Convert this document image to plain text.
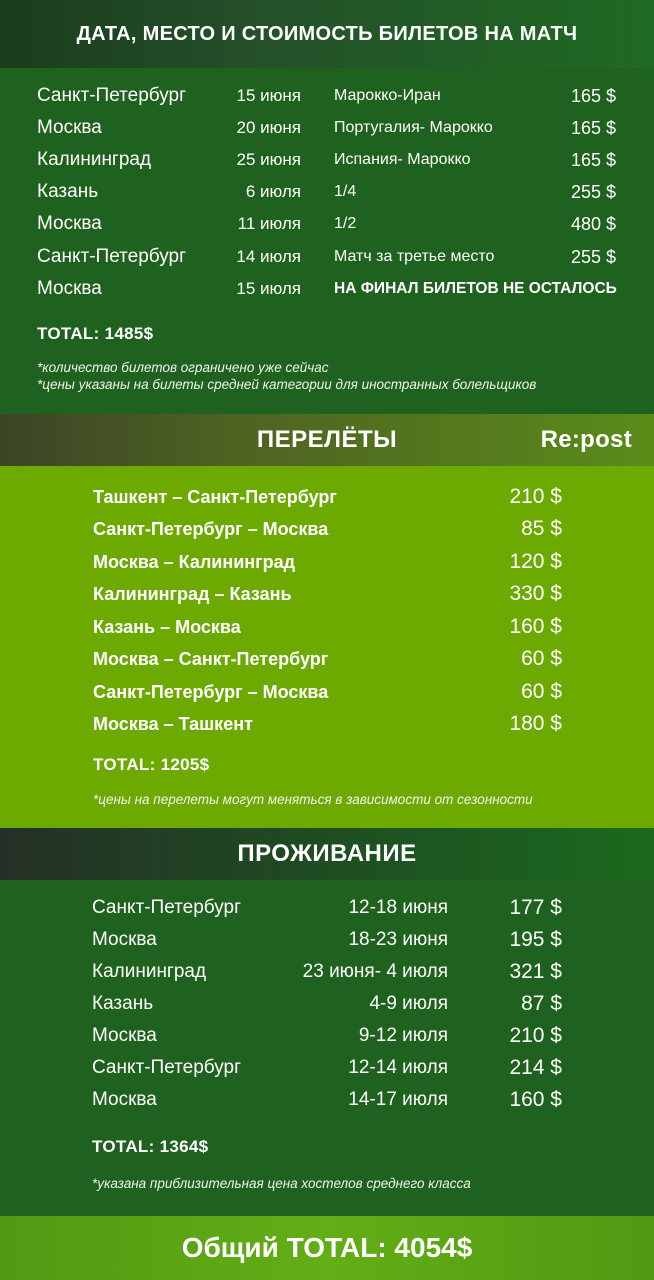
ДАТА, МЕСТО И СТОИМОСТЬ БИЛЕТОВ НА МАТЧ
Санкт-Петербург	15 июня Марокко-Иран	165 $
Москва	20 июня Португалия- Марокко	165 $
Калининград	25 июня Испания- Марокко	165 $
Казань	6 июля 1/4	255 $
Москва	11 июля 1/2	480 $
Санкт-Петербург	14 июля Матч за третье место	255 $
Москва	15 июля НА ФИНАЛ БИЛЕТОВ НЕ ОСТАЛОСЬ
TOTAL: 1485$
*количество билетов ограничено уже сейчас
*цены указаны на билеты средней категории для иностранных болельщиков
ПЕРЕЛЁТЫ	Re:post
Ташкент – Санкт-Петербург	210 $
Санкт-Петербург – Москва	85 $
Москва – Калининград	120 $
Калининград – Казань	330 $
Казань – Москва	160 $
Москва – Санкт-Петербург	60 $
Санкт-Петербург – Москва	60 $
Москва – Ташкент	180 $
TOTAL: 1205$
*цены на перелеты могут меняться в зависимости от сезонности
ПРОЖИВАНИЕ
Санкт-Петербург	12-18 июня	177 $
Москва	18-23 июня	195 $
Калининград	23 июня- 4 июля	321 $
Казань	4-9 июля	87 $
Москва	9-12 июля	210 $
Санкт-Петербург	12-14 июля	214 $
Москва	14-17 июля	160 $
TOTAL: 1364$
*указана приблизительная цена хостелов среднего класса
Общий TOTAL: 4054$
